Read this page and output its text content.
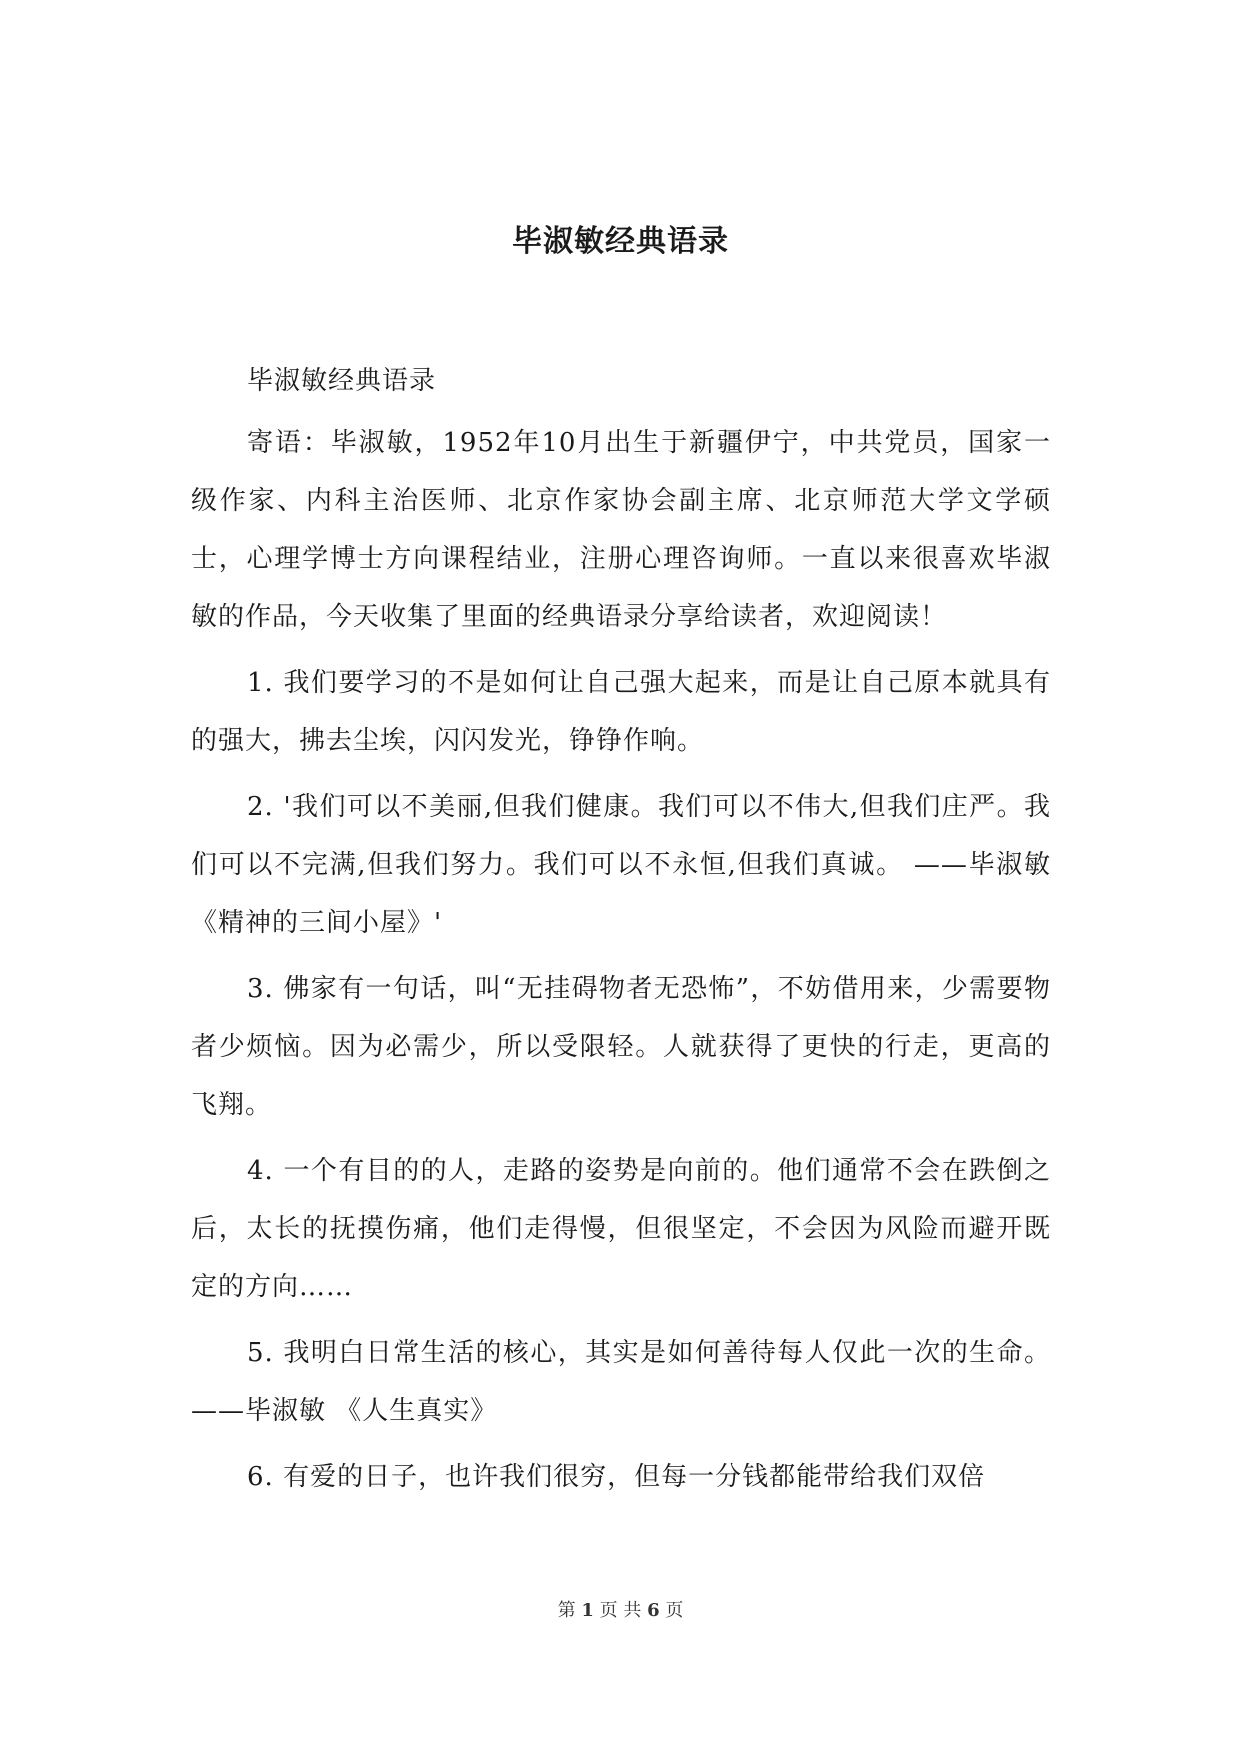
毕淑敏经典语录

毕淑敏经典语录

寄语：毕淑敏，1952年10月出生于新疆伊宁，中共党员，国家一级作家、内科主治医师、北京作家协会副主席、北京师范大学文学硕士，心理学博士方向课程结业，注册心理咨询师。一直以来很喜欢毕淑敏的作品，今天收集了里面的经典语录分享给读者，欢迎阅读！

1. 我们要学习的不是如何让自己强大起来，而是让自己原本就具有的强大，拂去尘埃，闪闪发光，铮铮作响。

2. '我们可以不美丽,但我们健康。我们可以不伟大,但我们庄严。我们可以不完满,但我们努力。我们可以不永恒,但我们真诚。 ——毕淑敏 《精神的三间小屋》'

3. 佛家有一句话，叫“无挂碍物者无恐怖”，不妨借用来，少需要物者少烦恼。因为必需少，所以受限轻。人就获得了更快的行走，更高的飞翔。

4. 一个有目的的人，走路的姿势是向前的。他们通常不会在跌倒之后，太长的抚摸伤痛，他们走得慢，但很坚定，不会因为风险而避开既定的方向……

5. 我明白日常生活的核心，其实是如何善待每人仅此一次的生命。 ——毕淑敏 《人生真实》

6. 有爱的日子，也许我们很穷，但每一分钱都能带给我们双倍

第 1 页 共 6 页
